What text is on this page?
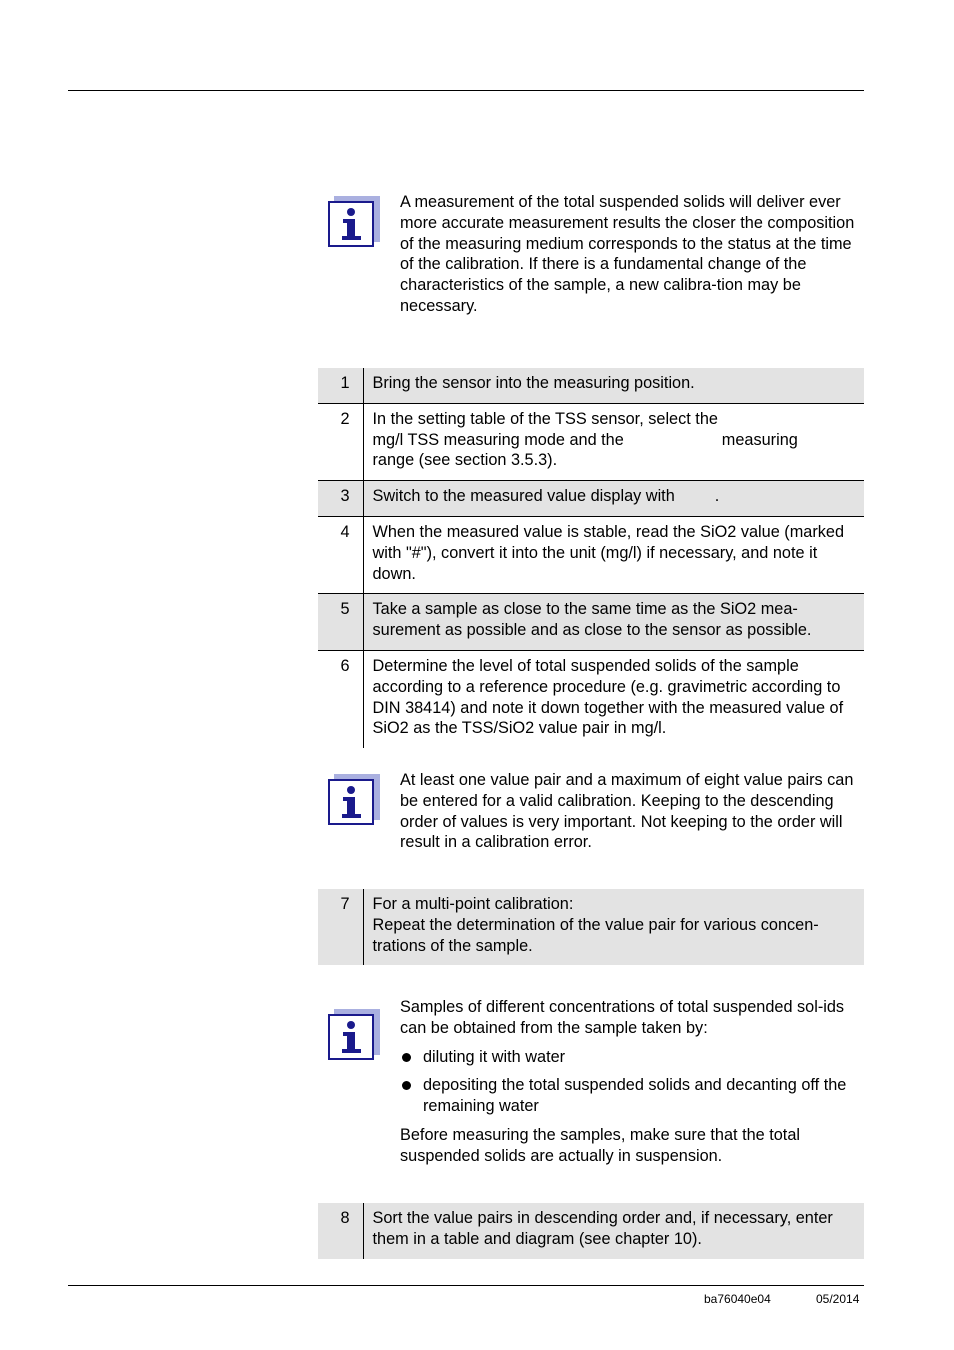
A measurement of the total suspended solids will deliver ever more accurate measurement results the closer the composition of the measuring medium corresponds to the status at the time of the calibration. If there is a fundamental change of the characteristics of the sample, a new calibra-tion may be necessary.

1	Bring the sensor into the measuring position.
2	In the setting table of the TSS sensor, select the
mg/l TSS measuring mode and the measuring
range (see section 3.5.3).
3	Switch to the measured value display with .
4	When the measured value is stable, read the SiO2 value (marked with "#"), convert it into the unit (mg/l) if necessary, and note it down.
5	Take a sample as close to the same time as the SiO2 mea-surement as possible and as close to the sensor as possible.
6	Determine the level of total suspended solids of the sample according to a reference procedure (e.g. gravimetric according to DIN 38414) and note it down together with the measured value of SiO2 as the TSS/SiO2 value pair in mg/l.

At least one value pair and a maximum of eight value pairs can be entered for a valid calibration. Keeping to the descending order of values is very important. Not keeping to the order will result in a calibration error.

7	For a multi-point calibration:
Repeat the determination of the value pair for various concen-trations of the sample.

Samples of different concentrations of total suspended sol-ids can be obtained from the sample taken by:

diluting it with water
depositing the total suspended solids and decanting off the remaining water

Before measuring the samples, make sure that the total suspended solids are actually in suspension.

8	Sort the value pairs in descending order and, if necessary, enter them in a table and diagram (see chapter 10).
ba76040e04	05/2014
